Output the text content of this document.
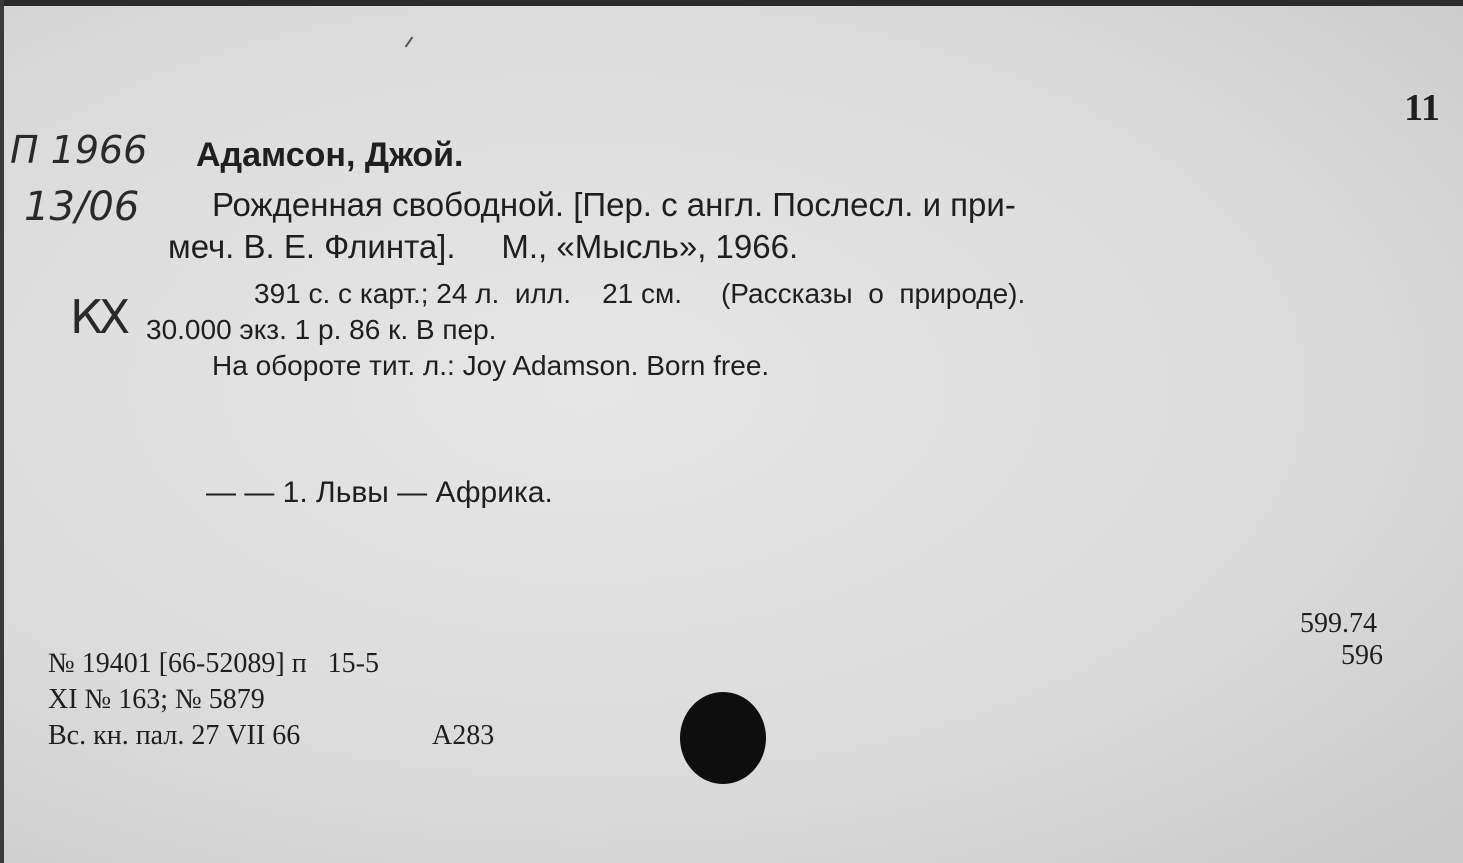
11
П 1966
13/06
КХ
Адамсон, Джой.
Рожденная свободной. [Пер. с англ. Послесл. и при-
меч. В. Е. Флинта].     М., «Мысль», 1966.
391 с. с карт.; 24 л.  илл.    21 см.     (Рассказы  о  природе).
30.000 экз. 1 р. 86 к. В пер.
На обороте тит. л.: Joy Adamson. Born free.
— — 1. Львы — Африка.
599.74
596
№ 19401 [66-52089] п   15-5
XI № 163; № 5879
Вс. кн. пал. 27 VII 66	А283
